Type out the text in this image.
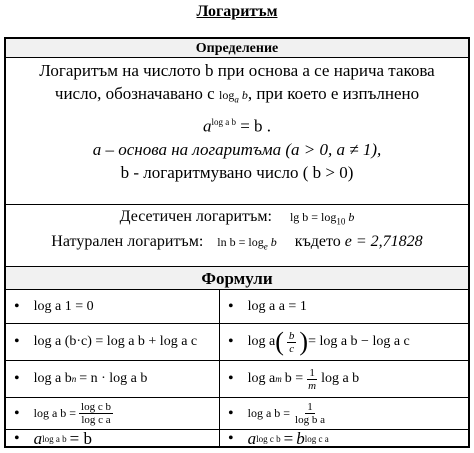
Логаритъм
Определение
Логаритъм на числото b при основа a се нарича такова
число, обозначавано с $\log_a b$, при което е изпълнено
$a^{log a b} = b$ .
a – основа на логаритъма (a > 0, a ≠ 1),
b - логаритмувано число ( b > 0)
Десетичен логаритъм: $\lg b = \log_{10} b$
Натурален логаритъм: $\ln b = \log_e b$ където e = 2,71828
Формули
• log a 1 = 0	• log a a = 1
• log a (b·c) = log a b + log a c • log a ( $\frac{b}{c}$ ) = log a b − log a c
• log a b n = n · log a b	• log a m $b = \frac{1}{m}$ log a b
• log a $b = \frac{\text{log c b}}{\text{log c a}}$	• log a $b = \frac{1}{\text{log b a}}$
• a log a b = b	• a log c b = b log c a
